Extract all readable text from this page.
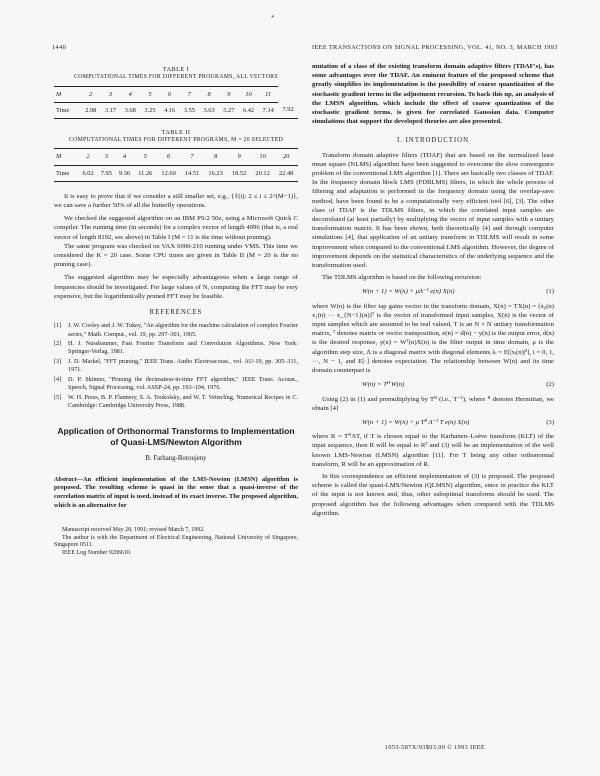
*
1440	IEEE TRANSACTIONS ON SIGNAL PROCESSING, VOL. 41, NO. 3, MARCH 1993
TABLE I
COMPUTATIONAL TIMES FOR DIFFERENT PROGRAMS, ALL VECTORS
M	2	3	4	5	6	7	8	9	10	11	
Time	2.98	3.17	3.68	3.25	4.16	3.55	3.63	5.27	6.42	7.14	7.92
TABLE II
COMPUTATIONAL TIMES FOR DIFFERENT PROGRAMS, M = 20 SELECTED
M	2	3	4	5	6	7	8	9	10	20
Time	6.02	7.95	9.36	11.26	12.60	14.51	16.23	18.52	20.12	22.48

It is easy to prove that if we consider a still smaller set, e.g., {ℓ(i): 2 ≤ i ≤ 2^(M−1)}, we can save a further 50% of all the butterfly operations.

We checked the suggested algorithm on an IBM PS/2 50z, using a Microsoft Quick C compiler. The running time (in seconds) for a complex vector of length 4096 (that is, a real vector of length 8192, see above) in Table I (M = 11 is the time without pruning).

The same program was checked on VAX 6000-210 running under VMS. This time we considered the K = 20 case. Some CPU times are given in Table II (M = 20 is the no pruning case).

The suggested algorithm may be especially advantageous when a large range of frequencies should be investigated. For large values of N, computing the FFT may be very expensive, but the logarithmically pruned FFT may be feasible.

REFERENCES
[1]	J. W. Cooley and J. W. Tukey, "An algorithm for the machine calculation of complex Fourier series," Math. Comput., vol. 19, pp. 297–301, 1965.
[2]	H. J. Nussbaumer, Fast Fourier Transform and Convolution Algorithms. New York: Springer-Verlag, 1981.
[3]	J. D. Markel, "FFT pruning," IEEE Trans. Audio Electroacoust., vol. AU-19, pp. 305–311, 1971.
[4]	D. P. Skinner, "Pruning the decimation-in-time FFT algorithm," IEEE Trans. Acoust., Speech, Signal Processing, vol. ASSP-24, pp. 193–194, 1976.
[5]	W. H. Press, B. P. Flannery, S. A. Teukolsky, and W. T. Vetterling, Numerical Recipes in C. Cambridge: Cambridge University Press, 1988.
Application of Orthonormal Transforms to Implementation of Quasi-LMS/Newton Algorithm
B. Farhang-Boroujeny

Abstract—An efficient implementation of the LMS-Newton (LMSN) algorithm is proposed. The resulting scheme is quasi in the sense that a quasi-inverse of the correlation matrix of input is used, instead of its exact inverse. The proposed algorithm, which is an alternative for

Manuscript received May 28, 1991; revised March 7, 1992.

The author is with the Department of Electrical Engineering, National University of Singapore, Singapore 0511.

IEEE Log Number 9206610.

mutation of a class of the existing transform domain adaptive filters (TDAF's), has some advantages over the TDAF. An eminent feature of the proposed scheme that greatly simplifies its implementation is the possibility of coarse quantization of the stochastic gradient terms in the adjustment recursion. To back this up, an analysis of the LMSN algorithm, which include the effect of coarse quantization of the stochastic gradient terms, is given for correlated Gaussian data. Computer simulations that support the developed theories are also presented.

I. INTRODUCTION

Transform domain adaptive filters (TDAF) that are based on the normalized least mean square (NLMS) algorithm have been suggested to overcome the slow convergence problem of the conventional LMS algorithm [1]. There are basically two classes of TDAF. In the frequency domain block LMS (FDBLMS) filters, in which the whole process of filtering and adaptation is performed in the frequency domain using the overlap-save method, have been found to be a computationally very efficient tool [6], [3]. The other class of TDAF is the TDLMS filters, in which the correlated input samples are decorrelated (at least partially) by multiplying the vector of input samples with a unitary transformation matrix. It has been shown, both theoretically [4] and through computer simulations [4], that application of an unitary transform in TDLMS will result in some improvement when compared to the conventional LMS algorithm. However, the degree of improvement depends on the statistical characteristics of the underlying sequence and the transformation used.

The TDLMS algorithm is based on the following recursion:

W(n + 1) = W(n) + μΛ⁻¹ e(n) X(n)	(1)

where W(n) is the filter tap gains vector in the transform domain, X(n) = TX(n) = [x₀(n) x₁(n) ··· x_{N−1}(n)]ᵀ is the vector of transformed input samples, X(n) is the vector of input samples which are assumed to be real valued, T is an N × N unitary transformation matrix, ᵀ denotes matrix or vector transposition, e(n) = d(n) − y(n) is the output error, d(n) is the desired response, y(n) = Wᵀ(n)X(n) is the filter output in time domain, μ is the algorithm step size, Λ is a diagonal matrix with diagonal elements λᵢ = E[|xᵢ(n)|²], i = 0, 1, ···, N − 1, and E[·] denotes expectation. The relationship between W(n) and its time domain counterpart is

W(n) = Tᴴ W(n)	(2)

Using (2) in (1) and premultiplying by Tᴴ (i.e., T⁻¹), where ᴴ denotes Hermitian, we obtain [4]

W(n + 1) = W(n) + μ Tᴴ Λ⁻¹ T e(n) X(n)	(3)

where R = TᴴΛT, if T is chosen equal to the Karhunen–Loève transform (KLT) of the input sequence, then R will be equal to Rᵀ and (3) will be an implementation of the well known LMS-Newton (LMSN) algorithm [11]. For T being any other orthonormal transform, R will be an approximation of R.

In this correspondence an efficient implementation of (3) is proposed. The proposed scheme is called the quasi-LMS/Newton (QLMSN) algorithm, since in practice the KLT of the input is not known and, thus, other suboptimal transforms should be used. The proposed algorithm has the following advantages when compared with the TDLMS algorithm.

1053-587X/93$03.00 © 1993 IEEE
